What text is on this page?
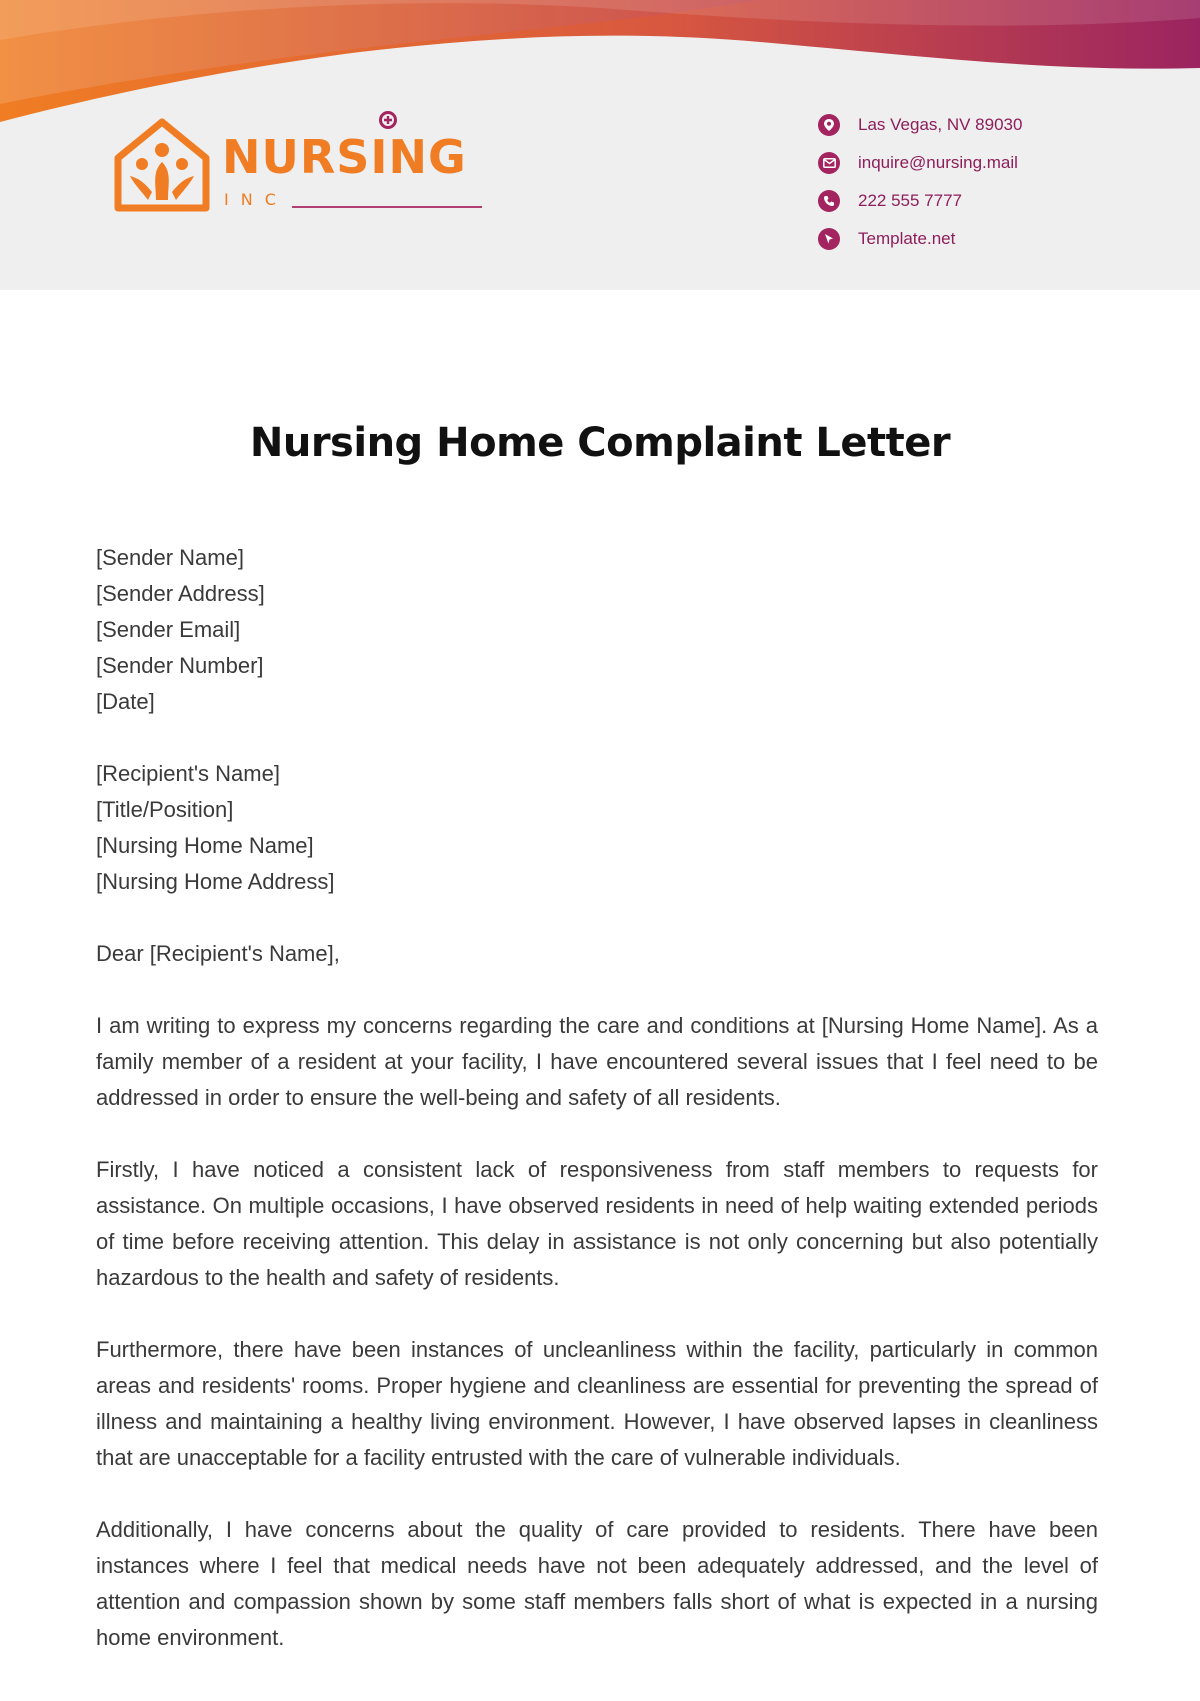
NURSING
INC
Las Vegas, NV 89030
inquire@nursing.mail
222 555 7777
Template.net
Nursing Home Complaint Letter
[Sender Name]
[Sender Address]
[Sender Email]
[Sender Number]
[Date]
[Recipient's Name]
[Title/Position]
[Nursing Home Name]
[Nursing Home Address]

Dear [Recipient's Name],

I am writing to express my concerns regarding the care and conditions at [Nursing Home Name]. As a family member of a resident at your facility, I have encountered several issues that I feel need to be addressed in order to ensure the well-being and safety of all residents.

Firstly, I have noticed a consistent lack of responsiveness from staff members to requests for assistance. On multiple occasions, I have observed residents in need of help waiting extended periods of time before receiving attention. This delay in assistance is not only concerning but also potentially hazardous to the health and safety of residents.

Furthermore, there have been instances of uncleanliness within the facility, particularly in common areas and residents' rooms. Proper hygiene and cleanliness are essential for preventing the spread of illness and maintaining a healthy living environment. However, I have observed lapses in cleanliness that are unacceptable for a facility entrusted with the care of vulnerable individuals.

Additionally, I have concerns about the quality of care provided to residents. There have been instances where I feel that medical needs have not been adequately addressed, and the level of attention and compassion shown by some staff members falls short of what is expected in a nursing home environment.
